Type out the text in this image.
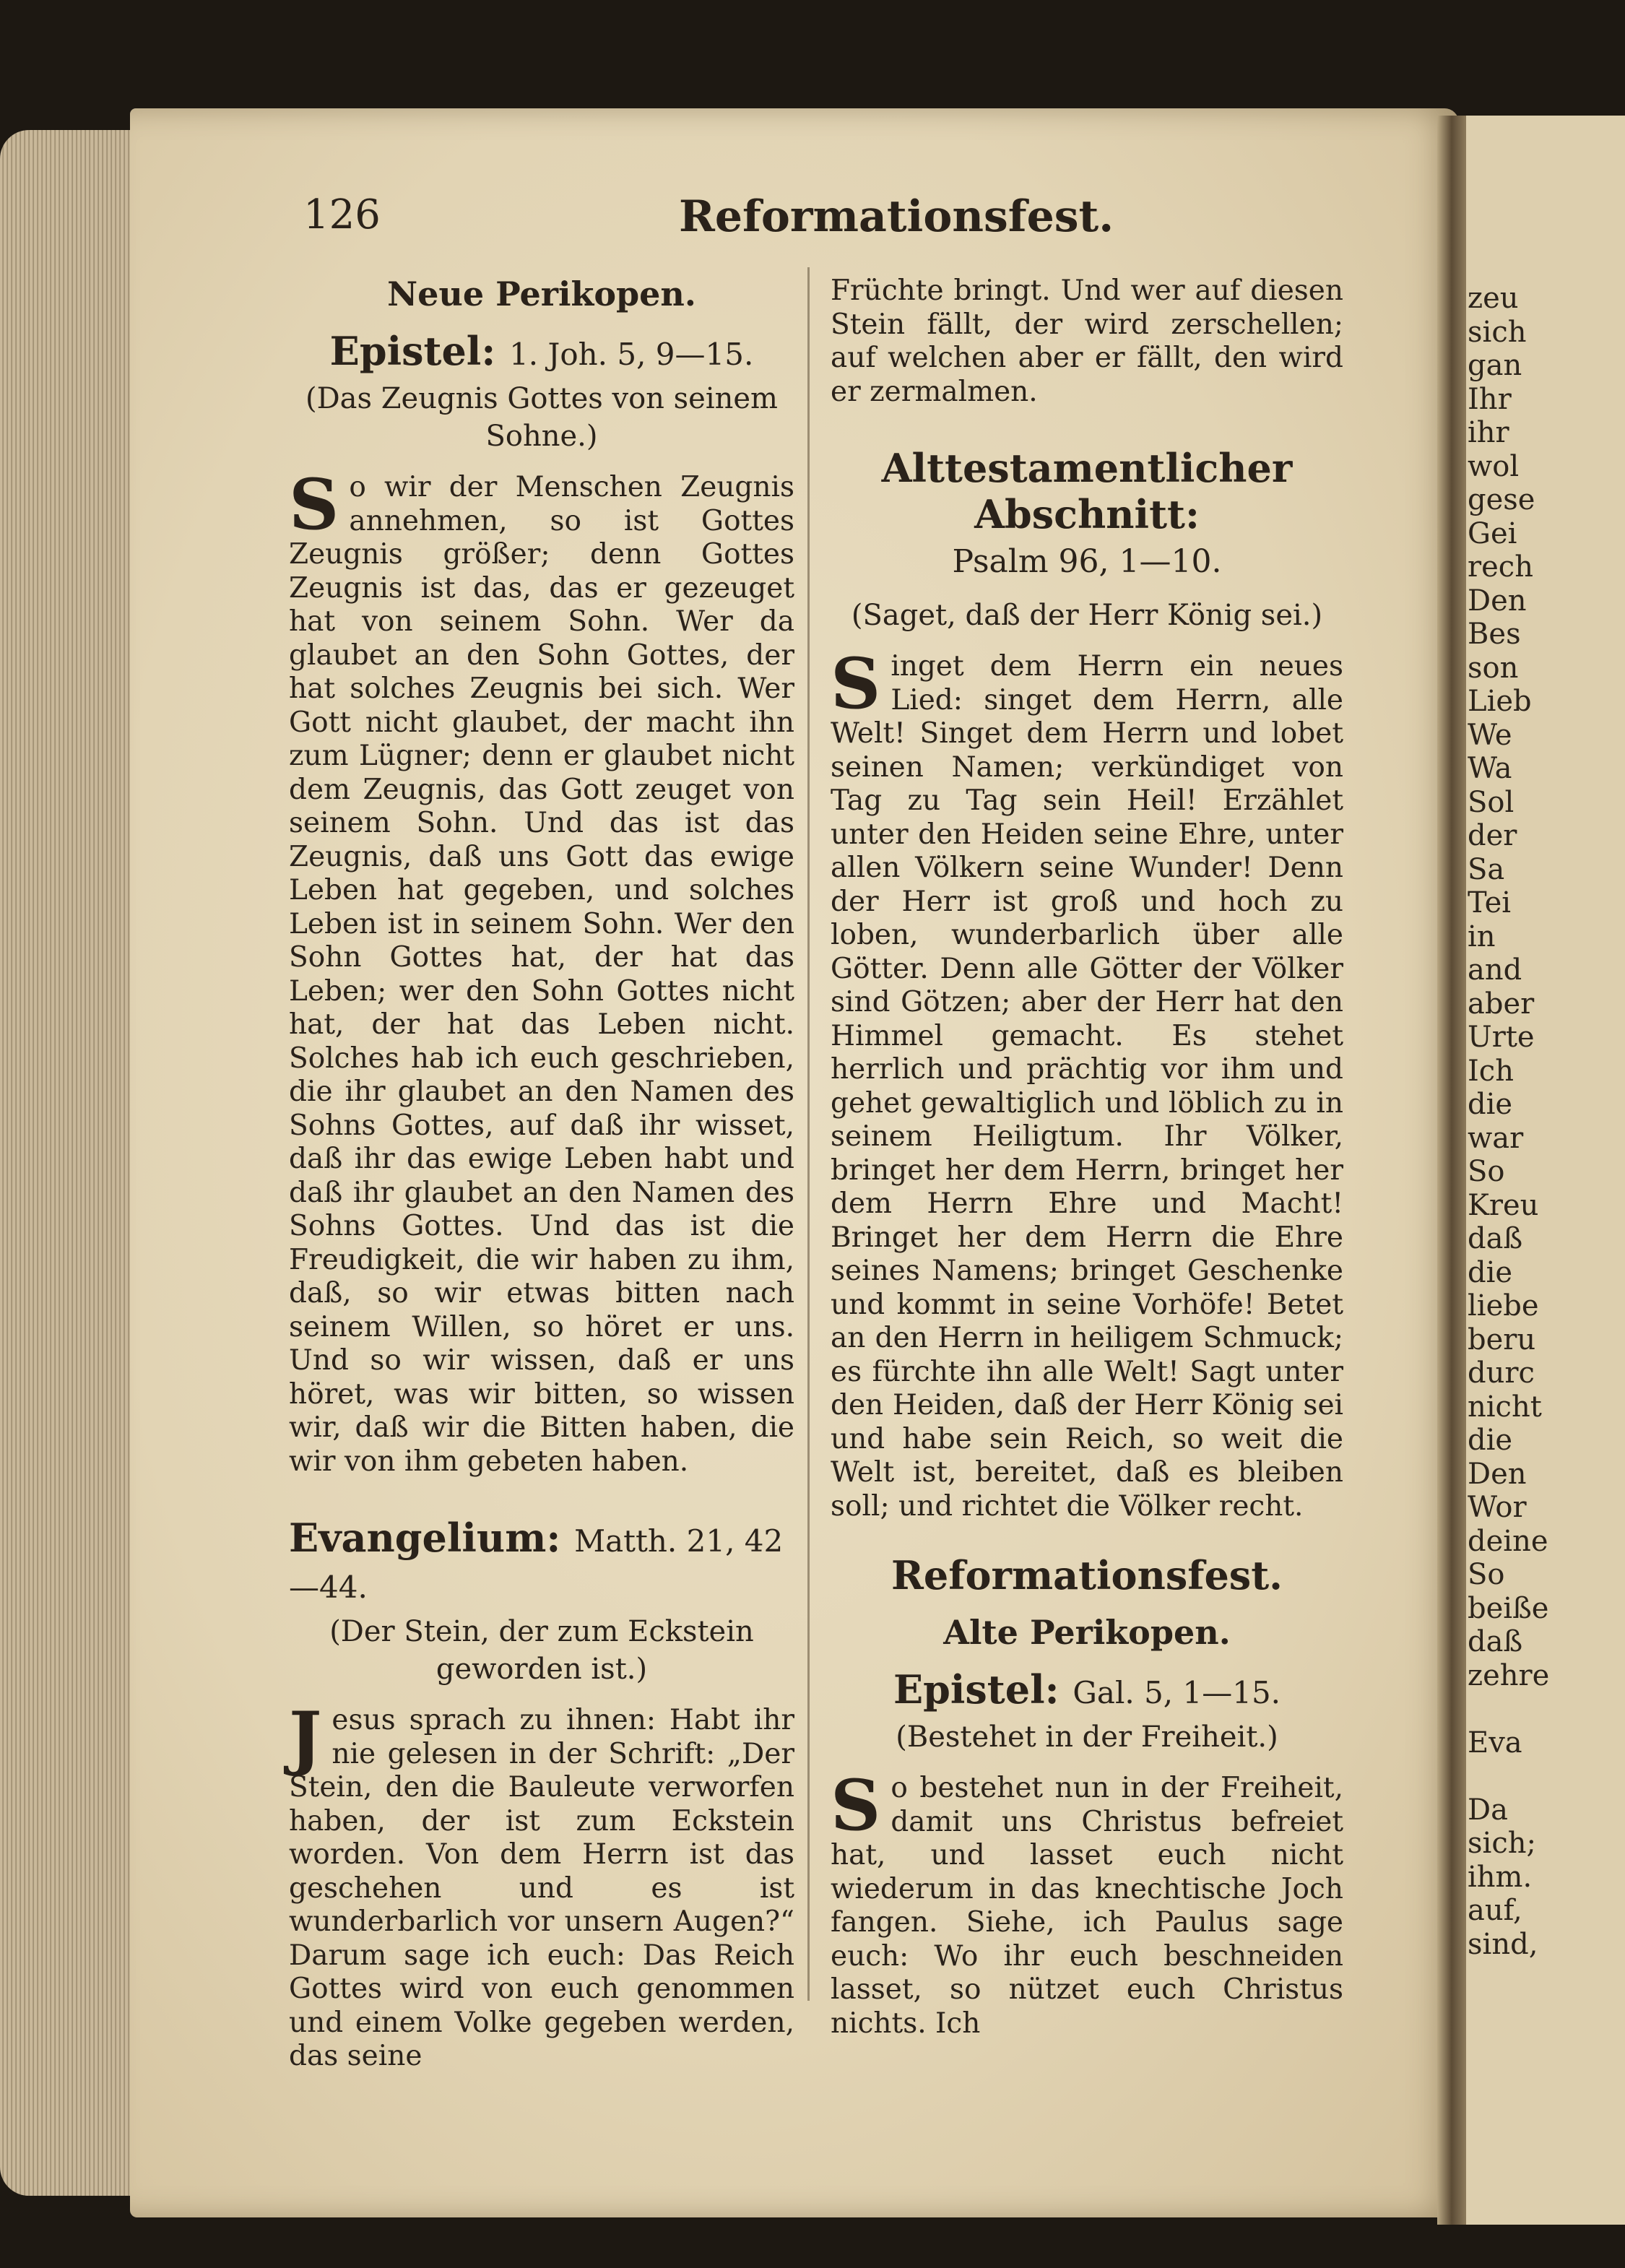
zeu
sich
gan
Ihr
ihr
wol
gese
Gei
rech
Den
Bes
son
Lieb
We
Wa
Sol
der
Sa
Tei
in
and
aber
Urte
Ich
die
war
So
Kreu
daß
die
liebe
beru
durc
nicht
die
Den
Wor
deine
So
beiße
daß
zehre
Eva
Da
sich;
ihm.
auf,
sind,
126	Reformationsfest.
Neue Perikopen.
Epistel: 1. Joh. 5, 9—15.
(Das Zeugnis Gottes von seinem Sohne.)

So wir der Menschen Zeugnis annehmen, so ist Gottes Zeugnis größer; denn Gottes Zeugnis ist das, das er gezeuget hat von seinem Sohn. Wer da glaubet an den Sohn Gottes, der hat solches Zeugnis bei sich. Wer Gott nicht glaubet, der macht ihn zum Lügner; denn er glaubet nicht dem Zeugnis, das Gott zeuget von seinem Sohn. Und das ist das Zeugnis, daß uns Gott das ewige Leben hat gegeben, und solches Leben ist in seinem Sohn. Wer den Sohn Gottes hat, der hat das Leben; wer den Sohn Gottes nicht hat, der hat das Leben nicht. Solches hab ich euch geschrieben, die ihr glaubet an den Namen des Sohns Gottes, auf daß ihr wisset, daß ihr das ewige Leben habt und daß ihr glaubet an den Namen des Sohns Gottes. Und das ist die Freudigkeit, die wir haben zu ihm, daß, so wir etwas bitten nach seinem Willen, so höret er uns. Und so wir wissen, daß er uns höret, was wir bitten, so wissen wir, daß wir die Bitten haben, die wir von ihm gebeten haben.

Evangelium: Matth. 21, 42—44.
(Der Stein, der zum Eckstein geworden ist.)

Jesus sprach zu ihnen: Habt ihr nie gelesen in der Schrift: „Der Stein, den die Bauleute verworfen haben, der ist zum Eckstein worden. Von dem Herrn ist das geschehen und es ist wunderbarlich vor unsern Augen?“ Darum sage ich euch: Das Reich Gottes wird von euch genommen und einem Volke gegeben werden, das seine

Früchte bringt. Und wer auf diesen Stein fällt, der wird zerschellen; auf welchen aber er fällt, den wird er zermalmen.

Alttestamentlicher Abschnitt:
Psalm 96, 1—10.
(Saget, daß der Herr König sei.)

Singet dem Herrn ein neues Lied: singet dem Herrn, alle Welt! Singet dem Herrn und lobet seinen Namen; verkündiget von Tag zu Tag sein Heil! Erzählet unter den Heiden seine Ehre, unter allen Völkern seine Wunder! Denn der Herr ist groß und hoch zu loben, wunderbarlich über alle Götter. Denn alle Götter der Völker sind Götzen; aber der Herr hat den Himmel gemacht. Es stehet herrlich und prächtig vor ihm und gehet gewaltiglich und löblich zu in seinem Heiligtum. Ihr Völker, bringet her dem Herrn, bringet her dem Herrn Ehre und Macht! Bringet her dem Herrn die Ehre seines Namens; bringet Geschenke und kommt in seine Vorhöfe! Betet an den Herrn in heiligem Schmuck; es fürchte ihn alle Welt! Sagt unter den Heiden, daß der Herr König sei und habe sein Reich, so weit die Welt ist, bereitet, daß es bleiben soll; und richtet die Völker recht.

Reformationsfest.
Alte Perikopen.
Epistel: Gal. 5, 1—15.
(Bestehet in der Freiheit.)

So bestehet nun in der Freiheit, damit uns Christus befreiet hat, und lasset euch nicht wiederum in das knechtische Joch fangen. Siehe, ich Paulus sage euch: Wo ihr euch beschneiden lasset, so nützet euch Christus nichts. Ich
